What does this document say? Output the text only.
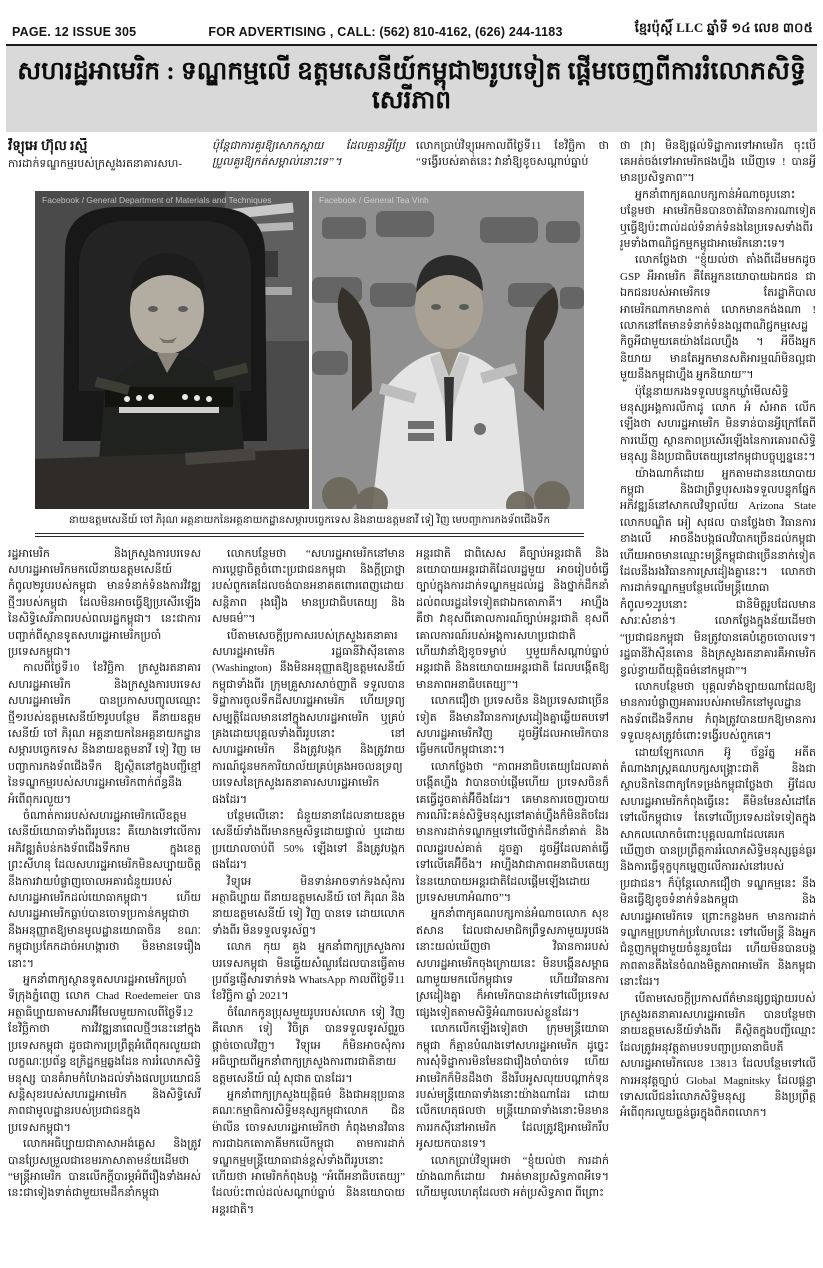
PAGE. 12 ISSUE 305	FOR ADVERTISING , CALL: (562) 810-4162, (626) 244-1183	ខ្មែរប៉ុស្តិ៍ LLC ឆ្នាំទី ១៤ លេខ ៣០៥
សហរដ្ឋអាមេរិក : ទណ្ឌកម្មលើ ឧត្តមសេនីយ៍កម្ពុជា២រូបទៀត ផ្តើមចេញពីការរំលោភសិទ្ធិសេរីភាព
វិទ្យុអេ ហ៊ុល រស្មី
ការដាក់ទណ្ឌកម្មរបស់ក្រសួងរតនាគារសហ-
ប៉ុន្តែជាការគួរឱ្យសោកស្តាយ ដែលគ្មានអ្វីប្រែប្រួលគួរឱ្យកត់សម្គាល់នោះទេ”។
លោកប្រាប់វិទ្យុអេកាលពីថ្ងៃទី11 ខែវិច្ឆិកា ថា “ទង្វើរបស់គាត់នេះ វានាំឱ្យខូចសណ្តាប់ធ្នាប់
Facebook / General Department of Materials and Techniques	Facebook / General Tea Vinh
នាយឧត្តមសេនីយ៍ ចៅ ភិរុណ អគ្គនាយកនៃអគ្គនាយកដ្ឋានសម្ភារបច្ចេកទេស និងនាយឧត្តមនាវី ទៀ វិញ មេបញ្ជាការកងទ័ពជើងទឹក

រដ្ឋអាមេរិក និងក្រសួងការបរទេសសហរដ្ឋអាមេរិកមកលើនាយឧត្តមសេនីយ៍កំពូល២រូបរបស់កម្ពុជា មានទំនាក់ទំនងការវិវឌ្ឍថ្មីៗរបស់កម្ពុជា ដែលមិនអាចធ្វើឱ្យប្រសើរឡើងនៃសិទ្ធិសេរីភាពរបស់ពលរដ្ឋកម្ពុជា។ នេះជាការបញ្ជាក់ពីស្ថានទូតសហរដ្ឋអាមេរិកប្រចាំប្រទេសកម្ពុជា។

កាលពីថ្ងៃទី10 ខែវិច្ឆិកា ក្រសួងរតនាគារសហរដ្ឋអាមេរិក និងក្រសួងការបរទេសសហរដ្ឋអាមេរិក បានប្រកាសបញ្ចូលឈ្មោះថ្មី១របស់ឧត្តមសេនីយ៍២រូបបន្ថែម គឺនាយឧត្តមសេនីយ៍ ចៅ ភិរុណ អគ្គនាយកនៃអគ្គនាយកដ្ឋានសម្ភារបច្ចេកទេស និងនាយឧត្តមនាវី ទៀ វិញ មេបញ្ជាការកងទ័ពជើងទឹក ឱ្យស្ថិតនៅក្នុងបញ្ជីខ្មៅនៃទណ្ឌកម្មរបស់សហរដ្ឋអាមេរិកពាក់ព័ន្ធនឹងអំពើពុករលួយ។

ចំណាត់ការរបស់សហរដ្ឋអាមេរិកលើឧត្តមសេនីយ៍យោធាទាំងពីររូបនេះ គឺយោងទៅលើការអភិវឌ្ឍតំបន់កងទ័ពជើងទឹករាម ក្នុងខេត្តព្រះសីហនុ ដែលសហរដ្ឋអាមេរិកមិនសប្បាយចិត្តនឹងការវាយបំផ្លាញចោលអគារជំនួយរបស់សហរដ្ឋអាមេរិកដល់យោធាកម្ពុជា។ ហើយសហរដ្ឋអាមេរិកធ្លាប់បានចោទប្រកាន់កម្ពុជាថា នឹងអនុញ្ញាតឱ្យមានមូលដ្ឋានយោធាចិន ខណៈកម្ពុជាប្រកែកដាច់អហង្ការថា មិនមានទេរឿងនោះ។

អ្នកនាំពាក្យស្ថានទូតសហរដ្ឋអាមេរិកប្រចាំទីក្រុងភ្នំពេញ លោក Chad Roedemeier បានអត្ថាធិប្បាយតាមសារអ៊ីមែលមួយកាលពីថ្ងៃទី12 ខែវិច្ឆិកាថា ការវិវឌ្ឍនាពេលថ្មីៗនេះនៅក្នុងប្រទេសកម្ពុជា ដូចជាការប្រព្រឹត្តអំពើពុករលួយជាលក្ខណៈប្រព័ន្ធ ឧក្រិដ្ឋកម្មឆ្លងដែន ការរំលោភសិទ្ធិមនុស្ស បានគំរាមកំហែងដល់ទាំងផលប្រយោជន៍សន្តិសុខរបស់សហរដ្ឋអាមេរិក និងសិទ្ធិសេរីភាពជាមូលដ្ឋានរបស់ប្រជាជនក្នុងប្រទេសកម្ពុជា។

លោកអធិប្បាយជាភាសាអង់គ្លេស និងត្រូវបានប្រែសម្រួលជាខេមរភាសាតាមន័យដើមថា “មន្ត្រីអាមេរិក បានលើកក្តីបារម្ភអំពីរឿងទាំងអស់នេះជាទៀងទាត់ជាមួយមេដឹកនាំកម្ពុជា

លោកបន្ថែមថា “សហរដ្ឋអាមេរិកនៅមានការប្តេជ្ញាចិត្តចំពោះប្រជាជនកម្ពុជា និងក្តីប្រាថ្នារបស់ពួកគេដែលចង់បានអនាគតពោរពេញដោយសន្តិភាព រុងរឿង មានប្រជាធិបតេយ្យ និងសមធម៌”។

បើតាមសេចក្តីប្រកាសរបស់ក្រសួងរតនាគារសហរដ្ឋអាមេរិក រដ្ឋធានីវ៉ាស៊ីនតោន (Washington) នឹងមិនអនុញ្ញាតឱ្យឧត្តមសេនីយ៍កម្ពុជាទាំងពីរ ក្រុមគ្រួសារសាច់ញាតិ ទទួលបានទិដ្ឋាការចូលទឹកដីសហរដ្ឋអាមេរិក ហើយទ្រព្យសម្បត្តិដែលមាននៅក្នុងសហរដ្ឋអាមេរិក ឬគ្រប់គ្រងដោយបុគ្គលទាំងពីររូបនោះ នៅសហរដ្ឋអាមេរិក នឹងត្រូវបង្កក និងត្រូវរាយការណ៍ជូនមកការិយាល័យគ្រប់គ្រងអចលនទ្រព្យបរទេសនៃក្រសួងរតនាគារសហរដ្ឋអាមេរិកផងដែរ។

បន្ថែមលើនោះ ជំនួយនានាដែលនាយឧត្តមសេនីយ៍ទាំងពីរមានកម្មសិទ្ធដោយផ្ទាល់ ឬដោយប្រយោលចាប់ពី 50% ឡើងទៅ នឹងត្រូវបង្កកផងដែរ។

វិទ្យុអេ មិនទាន់អាចទាក់ទងសុំការអត្ថាធិប្បាយ ពីនាយឧត្តមសេនីយ៍ ចៅ ភិរុណ និងនាយឧត្តមសេនីយ៍ ទៀ វិញ បានទេ ដោយលោកទាំងពីរ មិនទទួលទូរស័ព្ទ។

លោក កុយ គួង អ្នកនាំពាក្យក្រសួងការបរទេសកម្ពុជា មិនឆ្លើយសំណួរដែលបានធ្វើតាមប្រព័ន្ធផ្ញើសារទាក់ទង WhatsApp កាលពីថ្ងៃទី11 ខែវិច្ឆិកា ឆ្នាំ 2021។

ចំណែកកូនប្រុសមួយរូបរបស់លោក ទៀ វិញ គឺលោក ទៀ វិចិត្រ បានទទួលទូរស័ព្ទរួចផ្តាច់ចោលវិញ។ វិទ្យុអេ ក៏មិនអាចសុំការអធិប្បាយពីអ្នកនាំពាក្យក្រសួងការពារជាតិនាយឧត្តមសេនីយ៍ ឈុំ សុជាត បានដែរ។

អ្នកនាំពាក្យក្រសួងយុត្តិធម៌ និងជាអនុប្រធានគណៈកម្មាធិការសិទ្ធិមនុស្សកម្ពុជាលោក ជិន ម៉ាលីន ចោទសហរដ្ឋអាមេរិកថា កំពុងមានវិធានការជាឯកតោភាគីមកលើកម្ពុជា តាមការដាក់ទណ្ឌកម្មមន្ត្រីយោធាជាន់ខ្ពស់ទាំងពីររូបនោះ ហើយថា អាមេរិកកំពុងបង្ក “អំពើអនាធិបតេយ្យ” ដែលប៉ះពាល់ដល់សណ្តាប់ធ្នាប់ និងនយោបាយអន្តរជាតិ។

អន្តរជាតិ ជាពិសេស គឺច្បាប់អន្តរជាតិ និងនយោបាយអន្តរជាតិដែលរដ្ឋមួយ អាចរៀបចំធ្វើច្បាប់ក្នុងការដាក់ទណ្ឌកម្មដល់រដ្ឋ និងថ្នាក់ដឹកនាំ ដល់ពលរដ្ឋដទៃទៀតជាឯកតោភាគី។ អាហ្នឹងគឺថា វាខុសពីគោលការណ៍ច្បាប់អន្តរជាតិ ខុសពីគោលការណ៍របស់អង្គការសហប្រជាជាតិ ហើយវានាំឱ្យខូចទម្លាប់ ឬមួយក៏សណ្តាប់ធ្នាប់អន្តរជាតិ និងនយោបាយអន្តរជាតិ ដែលបង្កើតឱ្យមានភាពអនាធិបតេយ្យ”។

លោកជឿថា ប្រទេសចិន និងប្រទេសជាច្រើនទៀត នឹងមានវិធានការស្រដៀងគ្នាឆ្លើយតបទៅសហរដ្ឋអាមេរិកវិញ ដូចអ្វីដែលអាមេរិកបានធ្វើមកលើកម្ពុជានោះ។

លោកថ្លែងថា “ភាពអនាធិបតេយ្យដែលគាត់បង្កើតហ្នឹង វាបានចាប់ផ្តើមហើយ ប្រទេសចិនក៏គេធ្វើដូចគាត់អ៊ីចឹងដែរ។ គេមានការចេញរបាយការណ៍រិះគន់សិទ្ធិមនុស្សនៅគាត់ហ្នឹងក៏មិនតិចដែរ មានការដាក់ទណ្ឌកម្មទៅលើថ្នាក់ដឹកនាំគាត់ និងពលរដ្ឋរបស់គាត់ ដូចគ្នា ដូចអ្វីដែលគាត់ធ្វើទៅលើគេអ៊ីចឹង។ អាហ្នឹងវាជាភាពអនាធិបតេយ្យនៃនយោបាយអន្តរជាតិដែលផ្តើមឡើងដោយប្រទេសមហាអំណាច”។

អ្នកនាំពាក្យគណបក្សកាន់អំណាចលោក សុខ ឥសាន ដែលជាសមាជិកព្រឹទ្ធសភាមួយរូបផងនោះយល់ឃើញថា វិធានការរបស់សហរដ្ឋអាមេរិកចុងក្រោយនេះ មិនបង្កើនសម្ពាធណាមួយមកលើកម្ពុជាទេ ហើយវិធានការស្រដៀងគ្នា ក៏អាមេរិកបានដាក់ទៅលើប្រទេសផ្សេងទៀតតាមសិទ្ធិអំណាចរបស់ខ្លួនដែរ។

លោកលើកឡើងទៀតថា ក្រុមមន្ត្រីយោធាកម្ពុជា ក៏គ្មានបំណងទៅសហរដ្ឋអាមេរិក ដូច្នេះការសុំទិដ្ឋាការមិនមែនជារឿងចាំបាច់ទេ ហើយអាមេរិកក៏មិនដឹងថា នឹងរឹបអូសលុយបណ្តាក់ទុនរបស់មន្ត្រីយោធាទាំងនោះយ៉ាងណាដែរ ដោយលើកហេតុផលថា មន្ត្រីយោធាទាំងនោះមិនមានការរកស៊ីនៅអាមេរិក ដែលត្រូវឱ្យអាមេរិករឹបអូសយកបានទេ។

លោកប្រាប់វិទ្យុអេថា “ខ្ញុំយល់ថា ការដាក់យ៉ាងណាក៏ដោយ វាអត់មានប្រសិទ្ធភាពអីទេ។ ហើយមូលហេតុដែលថា អត់ប្រសិទ្ធភាព ពីព្រោះ

ថា [វា] មិនឱ្យផ្តល់ទិដ្ឋាការទៅអាមេរិក ចុះបើគេអត់ចង់ទៅអាមេរិកផងហ្នឹង ឃើញទេ ! បានអ្វីមានប្រសិទ្ធភាព”។

អ្នកនាំពាក្យគណបក្សកាន់អំណាចរូបនោះបន្ថែមថា អាមេរិកមិនបានចាត់វិធានការណាទៀត ឬធ្វើឱ្យប៉ះពាល់ដល់ទំនាក់ទំនងនៃប្រទេសទាំងពីររួមទាំងពាណិជ្ជកម្មកម្ពុជាអាមេរិកនោះទេ។

លោកថ្លែងថា “ខ្ញុំយល់ថា តាំងពីដើមមកដូច GSP អីអាមេរិក គឺតែអ្នកនយោបាយឯកជន ជាឯកជនរបស់អាមេរិកទេ តែរដ្ឋាភិបាលអាមេរិកណាកមានកាត់ លោកមានកង់ងណា ! លោកនៅតែមានទំនាក់ទំនងល្អពាណិជ្ជកម្មសេដ្ឋកិច្ចអីជាមួយគេយ៉ាងដែលហ្នឹង ។ អីចឹងអ្នកនិយាយ មានតែអ្នកមានសតិអារម្មណ៍មិនល្អជាមួយនឹងកម្ពុជាហ្នឹង អ្នកនិយាយ”។

ប៉ុន្តែនាយករងទទួលបន្ទុកឃ្លាំមើលសិទ្ធិមនុស្សអង្គការលីកាដូ លោក អំ សំអាត លើកឡើងថា សហរដ្ឋអាមេរិក មិនទាន់បានអ្វីក្រៅតែពីការឃើញ ស្ថានភាពប្រសើរឡើងនៃការគោរពសិទ្ធិមនុស្ស និងប្រជាធិបតេយ្យនៅកម្ពុជាបច្ចុប្បន្ននេះ។

យ៉ាងណាក៏ដោយ អ្នកតាមដាននយោបាយកម្ពុជា និងជាព្រឹទ្ធបុរសរងទទួលបន្ទុកផ្នែកអភិវឌ្ឍន៍នៅសាកលវិទ្យាល័យ Arizona State លោកបណ្ឌិត អៀ សុផល បានថ្លែងថា វិធានការខាងលើ អាចនឹងបង្កផលវិបាកច្រើនដល់កម្ពុជា ហើយអាចមានឈ្មោះមន្ត្រីកម្ពុជាជាច្រើននាក់ទៀត ដែលនឹងរងវិធានការស្រដៀងគ្នានេះ។ លោកថាការដាក់ទណ្ឌកម្មបន្ថែមលើមន្ត្រីយោធាកំពូល១2រូបនោះ ជានិមិត្តរូបដែលមានសារៈសំខាន់។ លោកថ្លែងក្នុងន័យដើមថា “ប្រជាជនកម្ពុជា មិនត្រូវបានគេបំភ្លេចចោលទេ។ រដ្ឋធានីវ៉ាស៊ីនតោន និងក្រសួងរតនាគារគឺអាមេរិក ខ្វល់ខ្វាយពីយុត្តិធម៌នៅកម្ពុជា”។

លោកបន្ថែមថា បុគ្គលទាំងឡាយណាដែលឱ្យមានការបំផ្លាញអគាររបស់អាមេរិកនៅមូលដ្ឋានកងទ័ពជើងទឹករាម កំពុងត្រូវបានយកឱ្យមានការទទួលខុសត្រូវចំពោះទង្វើរបស់ពួកគេ។

ដោយឡែកលោក អ៊ូ ច័ន្ទរ័ត្ន អតីតតំណាងរាស្ត្រគណបក្សសង្គ្រោះជាតិ និងជាស្ថាបនិកនៃពាក្យកែទម្រង់កម្ពុជាថ្លែងថា អ្វីដែលសហរដ្ឋអាមេរិកកំពុងធ្វើនេះ គឺមិនមែនសំដៅតែទៅលើកម្ពុជាទេ តែទៅលើប្រទេសដទៃទៀតក្នុងសាកលលោកចំពោះបុគ្គលណាដែលគេរកឃើញថា បានប្រព្រឹត្តការរំលោភសិទ្ធិមនុស្សធ្ងន់ធ្ងរ និងការធ្វើទុក្ខបុកម្នេញលើការរស់នៅរបស់ប្រជាជន។ ក៏ប៉ុន្តែលោកជឿថា ទណ្ឌកម្មនេះ នឹងមិនធ្វើឱ្យខូចទំនាក់ទំនងកម្ពុជា និងសហរដ្ឋអាមេរិកទេ ព្រោះកន្លងមក មានការដាក់ទណ្ឌកម្មប្រហាក់ប្រហែលនេះ ទៅលើមន្ត្រី និងអ្នកជំនួញកម្ពុជាមួយចំនួនរួចដែរ ហើយមិនបានបង្កភាពតានតឹងនៃចំណងមិត្តភាពអាមេរិក និងកម្ពុជានោះដែរ។

បើតាមសេចក្តីប្រកាសព័ត៌មានផ្សព្វផ្សាយរបស់ក្រសួងរតនាគារសហរដ្ឋអាមេរិក បានបន្ថែមថា នាយឧត្តមសេនីយ៍ទាំងពីរ គឺស្ថិតក្នុងបញ្ជីឈ្មោះដែលត្រូវអនុវត្តតាមបទបញ្ជាប្រធានាធិបតីសហរដ្ឋអាមេរិកលេខ 13813 ដែលបន្ថែមទៅលើការអនុវត្តច្បាប់ Global Magnitsky ដែលផ្តន្ទាទោសលើជនរំលោភសិទ្ធិមនុស្ស និងប្រព្រឹត្តអំពើពុករលួយធ្ងន់ធ្ងរក្នុងពិភពលោក។
